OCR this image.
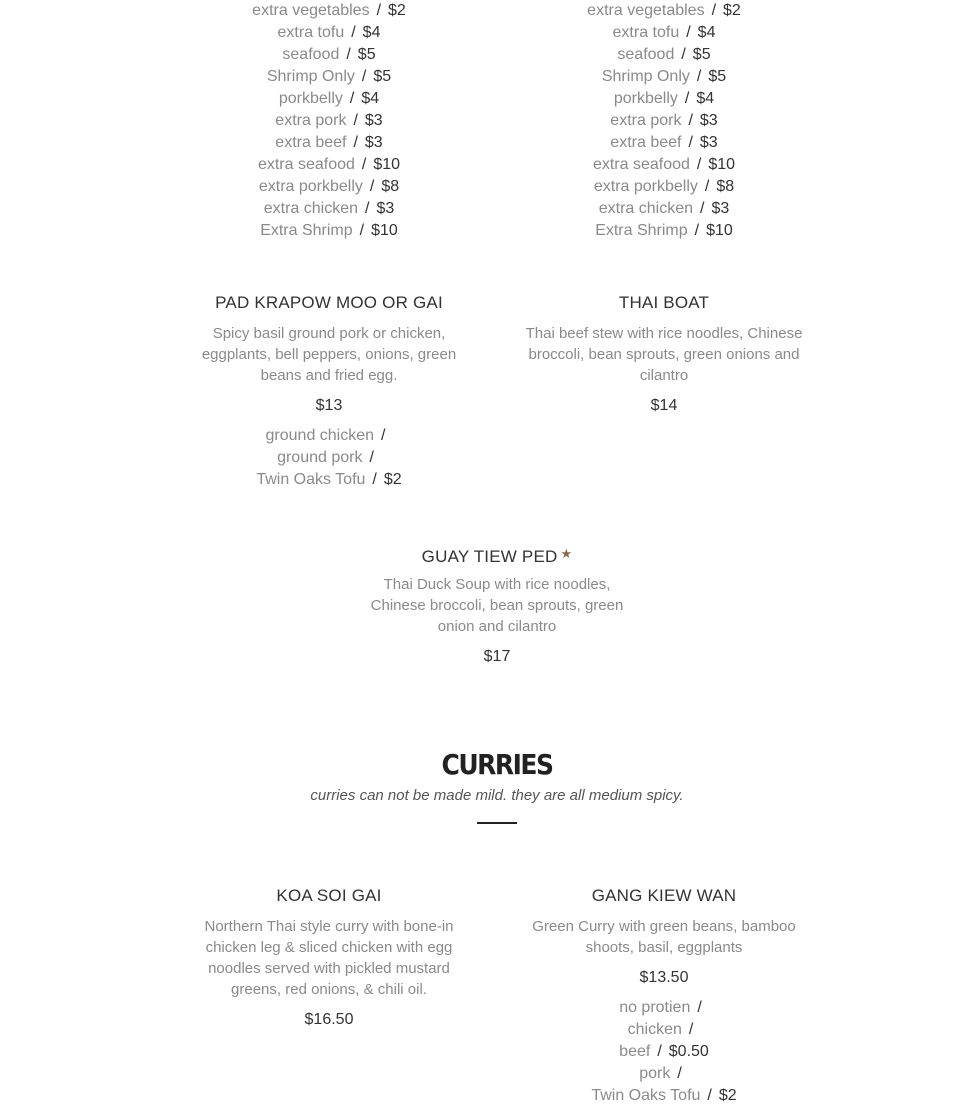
extra vegetables / $2
extra tofu / $4
seafood / $5
Shrimp Only / $5
porkbelly / $4
extra pork / $3
extra beef / $3
extra seafood / $10
extra porkbelly / $8
extra chicken / $3
Extra Shrimp / $10
extra vegetables / $2
extra tofu / $4
seafood / $5
Shrimp Only / $5
porkbelly / $4
extra pork / $3
extra beef / $3
extra seafood / $10
extra porkbelly / $8
extra chicken / $3
Extra Shrimp / $10
PAD KRAPOW MOO OR GAI
Spicy basil ground pork or chicken, eggplants, bell peppers, onions, green beans and fried egg.
$13
ground chicken /
ground pork /
Twin Oaks Tofu / $2
THAI BOAT
Thai beef stew with rice noodles, Chinese broccoli, bean sprouts, green onions and cilantro
$14
GUAY TIEW PED ★
Thai Duck Soup with rice noodles, Chinese broccoli, bean sprouts, green onion and cilantro
$17
CURRIES
curries can not be made mild. they are all medium spicy.
KOA SOI GAI
Northern Thai style curry with bone-in chicken leg & sliced chicken with egg noodles served with pickled mustard greens, red onions, & chili oil.
$16.50
GANG KIEW WAN
Green Curry with green beans, bamboo shoots, basil, eggplants
$13.50
no protien /
chicken /
beef / $0.50
pork /
Twin Oaks Tofu / $2
